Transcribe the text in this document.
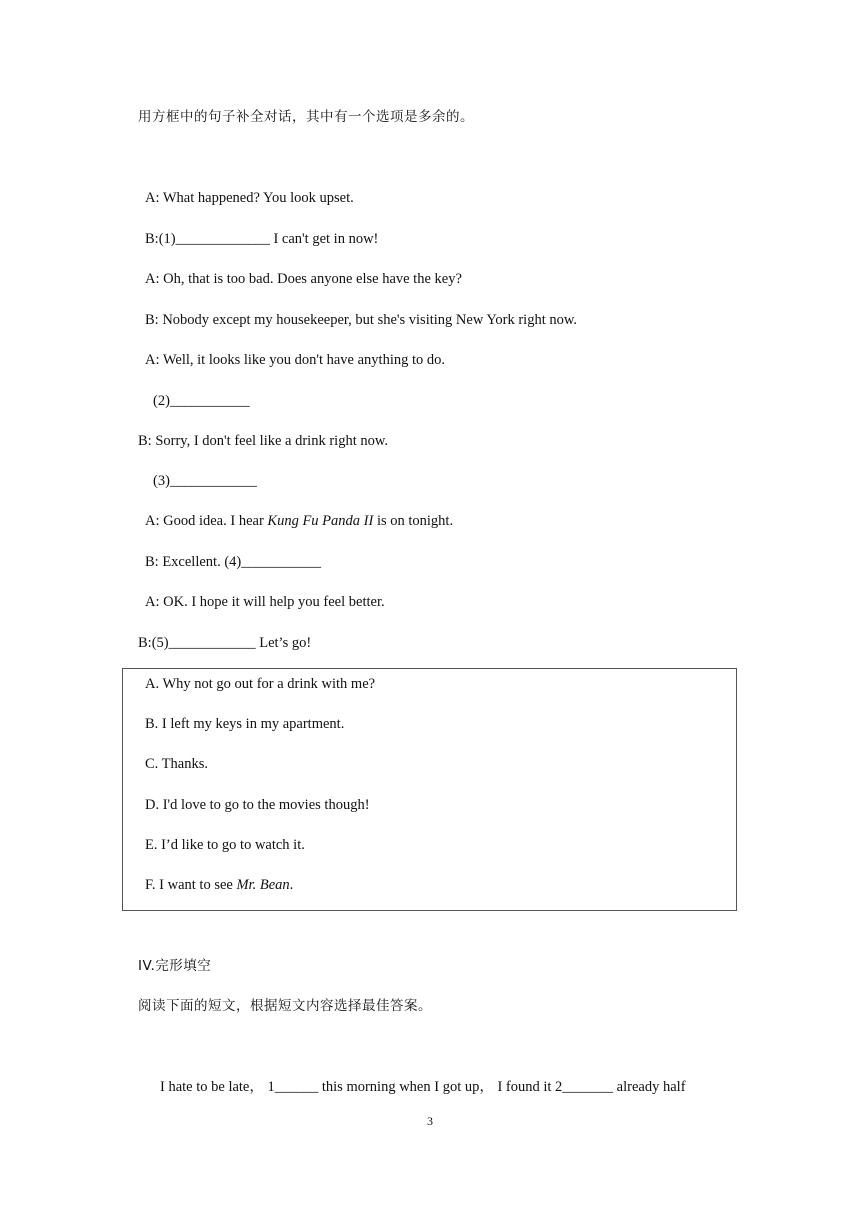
用方框中的句子补全对话，其中有一个选项是多余的。
A: What happened? You look upset.
B:(1)_____________ I can't get in now!
A: Oh, that is too bad. Does anyone else have the key?
B: Nobody except my housekeeper, but she's visiting New York right now.
A: Well, it looks like you don't have anything to do.
(2)___________
B: Sorry, I don't feel like a drink right now.
(3)____________
A: Good idea. I hear Kung Fu Panda II is on tonight.
B: Excellent. (4)___________
A: OK. I hope it will help you feel better.
B:(5)____________ Let’s go!
A. Why not go out for a drink with me?
B. I left my keys in my apartment.
C. Thanks.
D. I'd love to go to the movies though!
E. I’d like to go to watch it.
F. I want to see Mr. Bean.
IV.完形填空
阅读下面的短文，根据短文内容选择最佳答案。
I hate to be late， 1______ this morning when I got up， I found it 2_______ already half
3
